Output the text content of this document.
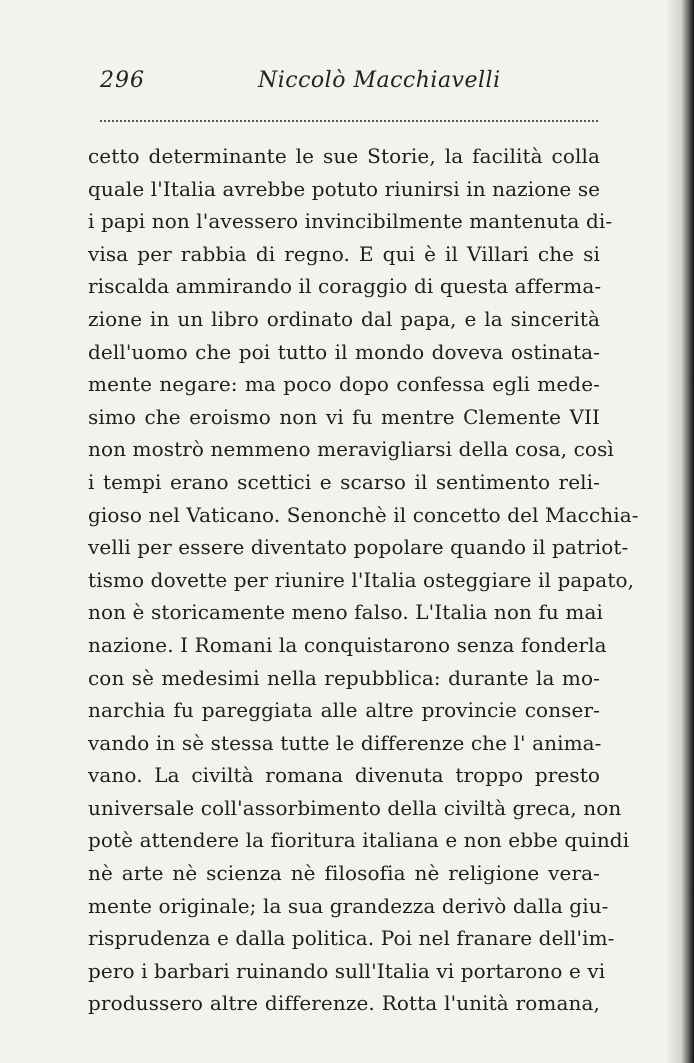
296	Niccolò Macchiavelli
cetto determinante le sue Storie, la facilità colla
quale l'Italia avrebbe potuto riunirsi in nazione se
i papi non l'avessero invincibilmente mantenuta di-
visa per rabbia di regno. E qui è il Villari che si
riscalda ammirando il coraggio di questa afferma-
zione in un libro ordinato dal papa, e la sincerità
dell'uomo che poi tutto il mondo doveva ostinata-
mente negare: ma poco dopo confessa egli mede-
simo che eroismo non vi fu mentre Clemente VII
non mostrò nemmeno meravigliarsi della cosa, così
i tempi erano scettici e scarso il sentimento reli-
gioso nel Vaticano. Senonchè il concetto del Macchia-
velli per essere diventato popolare quando il patriot-
tismo dovette per riunire l'Italia osteggiare il papato,
non è storicamente meno falso. L'Italia non fu mai
nazione. I Romani la conquistarono senza fonderla
con sè medesimi nella repubblica: durante la mo-
narchia fu pareggiata alle altre provincie conser-
vando in sè stessa tutte le differenze che l' anima-
vano. La civiltà romana divenuta troppo presto
universale coll'assorbimento della civiltà greca, non
potè attendere la fioritura italiana e non ebbe quindi
nè arte nè scienza nè filosofia nè religione vera-
mente originale; la sua grandezza derivò dalla giu-
risprudenza e dalla politica. Poi nel franare dell'im-
pero i barbari ruinando sull'Italia vi portarono e vi
produssero altre differenze. Rotta l'unità romana,
